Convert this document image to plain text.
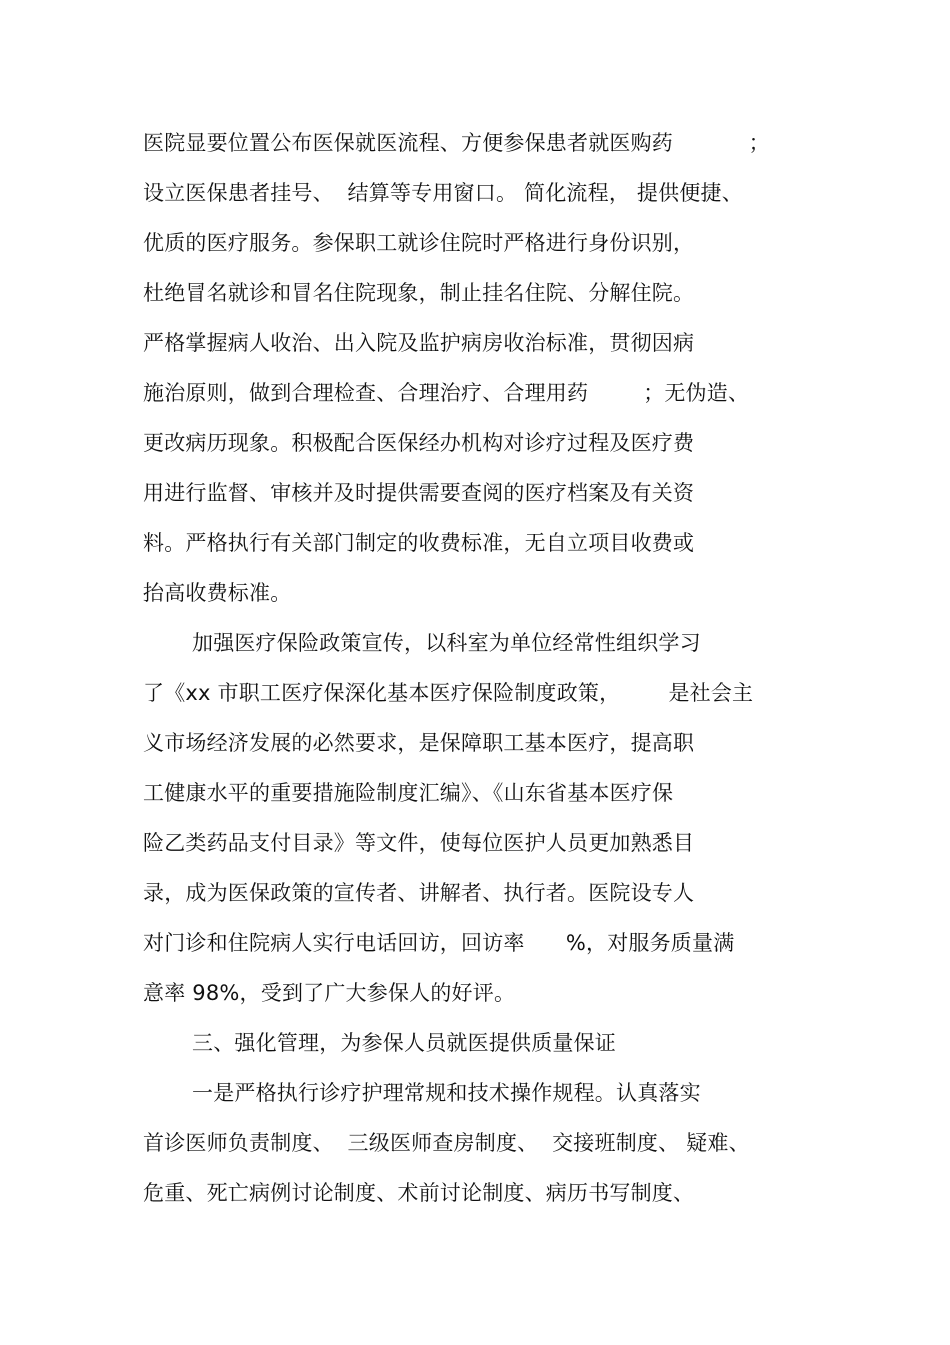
医院显要位置公布医保就医流程、方便参保患者就医购药           ；
设立医保患者挂号、  结算等专用窗口。 简化流程， 提供便捷、
优质的医疗服务。参保职工就诊住院时严格进行身份识别，
杜绝冒名就诊和冒名住院现象，制止挂名住院、分解住院。
严格掌握病人收治、出入院及监护病房收治标准，贯彻因病
施治原则，做到合理检查、合理治疗、合理用药        ；无伪造、
更改病历现象。积极配合医保经办机构对诊疗过程及医疗费
用进行监督、审核并及时提供需要查阅的医疗档案及有关资
料。严格执行有关部门制定的收费标准，无自立项目收费或
抬高收费标准。
加强医疗保险政策宣传，以科室为单位经常性组织学习
了《xx 市职工医疗保深化基本医疗保险制度政策，       是社会主
义市场经济发展的必然要求，是保障职工基本医疗，提高职
工健康水平的重要措施险制度汇编》、《山东省基本医疗保
险乙类药品支付目录》等文件，使每位医护人员更加熟悉目
录，成为医保政策的宣传者、讲解者、执行者。医院设专人
对门诊和住院病人实行电话回访，回访率      %，对服务质量满
意率 98%，受到了广大参保人的好评。
三、强化管理，为参保人员就医提供质量保证
一是严格执行诊疗护理常规和技术操作规程。认真落实
首诊医师负责制度、  三级医师查房制度、  交接班制度、 疑难、
危重、死亡病例讨论制度、术前讨论制度、病历书写制度、
